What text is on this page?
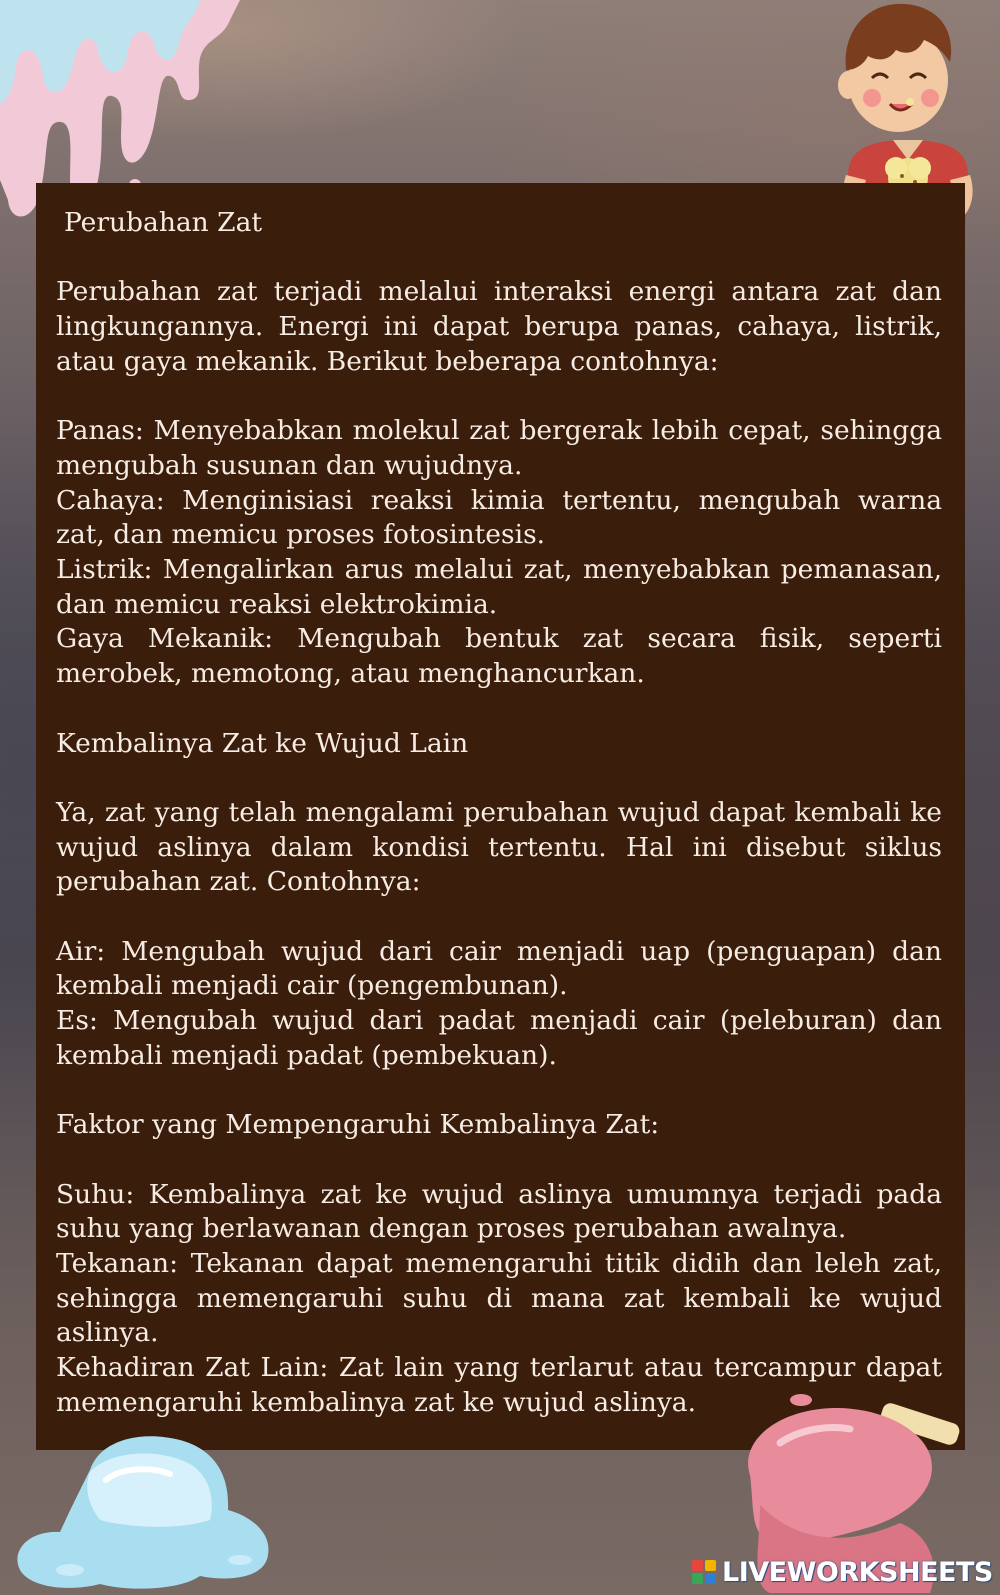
Perubahan Zat

Perubahan zat terjadi melalui interaksi energi antara zat dan lingkungannya. Energi ini dapat berupa panas, cahaya, listrik, atau gaya mekanik. Berikut beberapa contohnya:

Panas: Menyebabkan molekul zat bergerak lebih cepat, sehingga mengubah susunan dan wujudnya.

Cahaya: Menginisiasi reaksi kimia tertentu, mengubah warna zat, dan memicu proses fotosintesis.

Listrik: Mengalirkan arus melalui zat, menyebabkan pemanasan, dan memicu reaksi elektrokimia.

Gaya Mekanik: Mengubah bentuk zat secara fisik, seperti merobek, memotong, atau menghancurkan.

Kembalinya Zat ke Wujud Lain

Ya, zat yang telah mengalami perubahan wujud dapat kembali ke wujud aslinya dalam kondisi tertentu. Hal ini disebut siklus perubahan zat. Contohnya:

Air: Mengubah wujud dari cair menjadi uap (penguapan) dan kembali menjadi cair (pengembunan).

Es: Mengubah wujud dari padat menjadi cair (peleburan) dan kembali menjadi padat (pembekuan).

Faktor yang Mempengaruhi Kembalinya Zat:

Suhu: Kembalinya zat ke wujud aslinya umumnya terjadi pada suhu yang berlawanan dengan proses perubahan awalnya.

Tekanan: Tekanan dapat memengaruhi titik didih dan leleh zat, sehingga memengaruhi suhu di mana zat kembali ke wujud aslinya.

Kehadiran Zat Lain: Zat lain yang terlarut atau tercampur dapat memengaruhi kembalinya zat ke wujud aslinya.

LIVEWORKSHEETS
